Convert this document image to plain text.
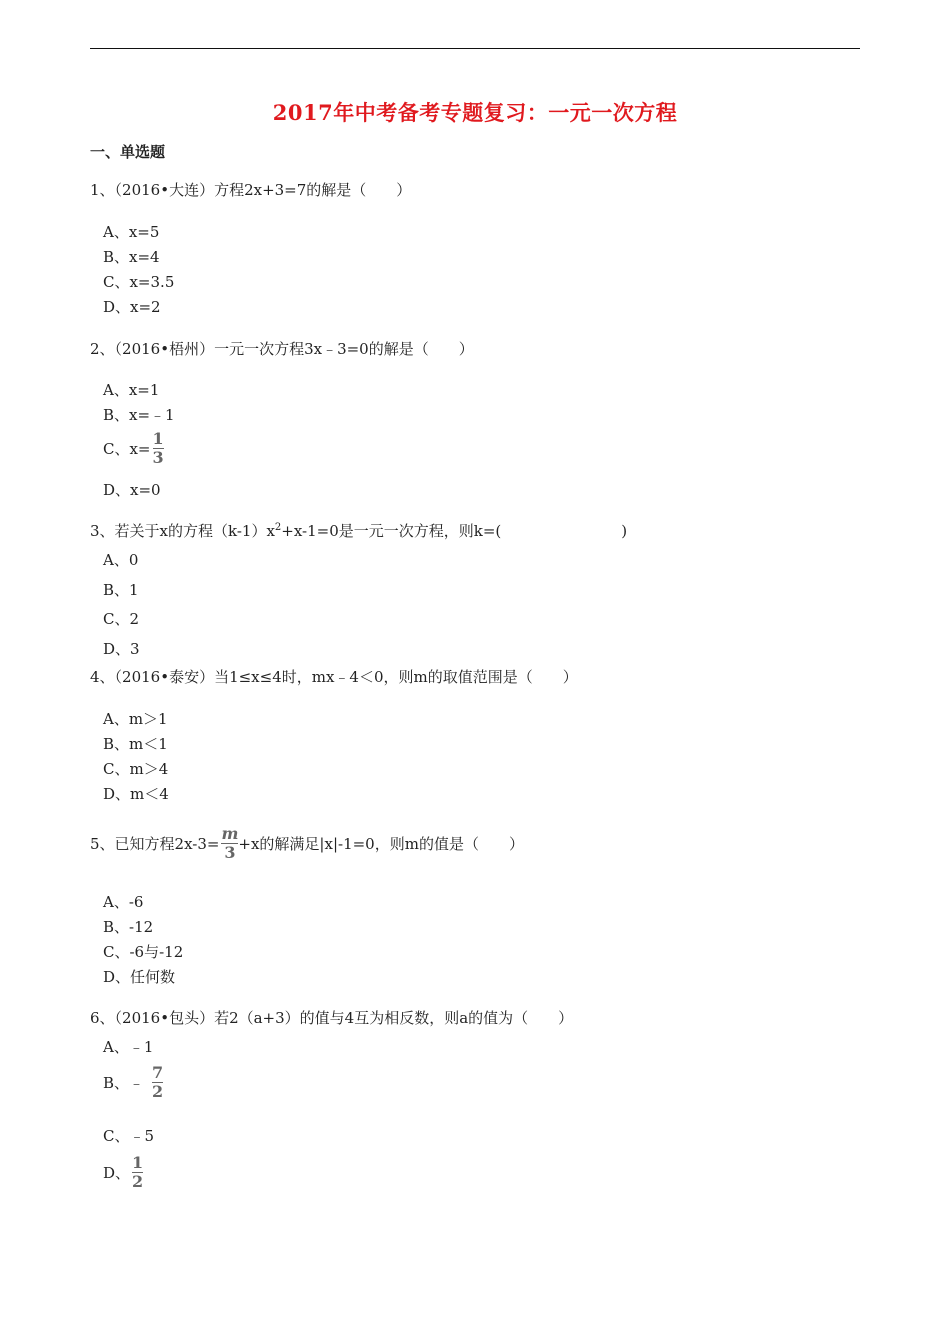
2017年中考备考专题复习：一元一次方程
一、单选题
1、（2016•大连）方程2x+3=7的解是（　　）
A、x=5
B、x=4
C、x=3.5
D、x=2
2、（2016•梧州）一元一次方程3x﹣3=0的解是（　　）
A、x=1
B、x=﹣1
C、$x= \frac{1}{3}$
D、x=0
3、若关于x的方程$(k-1)x^2+x-1=0$是一元一次方程，则k=(　　　　　　　　)
A、0
B、1
C、2
D、3
4、（2016•泰安）当1≤x≤4时，mx﹣4＜0，则m的取值范围是（　　）
A、m＞1
B、m＜1
C、m＞4
D、m＜4
5、已知方程$2x-3= \frac{m}{3} +x$的解满足|x|-1=0，则m的值是（　　）
A、-6
B、-12
C、-6与-12
D、任何数
6、（2016•包头）若2（a+3）的值与4互为相反数，则a的值为（　　）
A、﹣1
B、﹣ $\frac{7}{2}$
C、﹣5
D、 $\frac{1}{2}$
